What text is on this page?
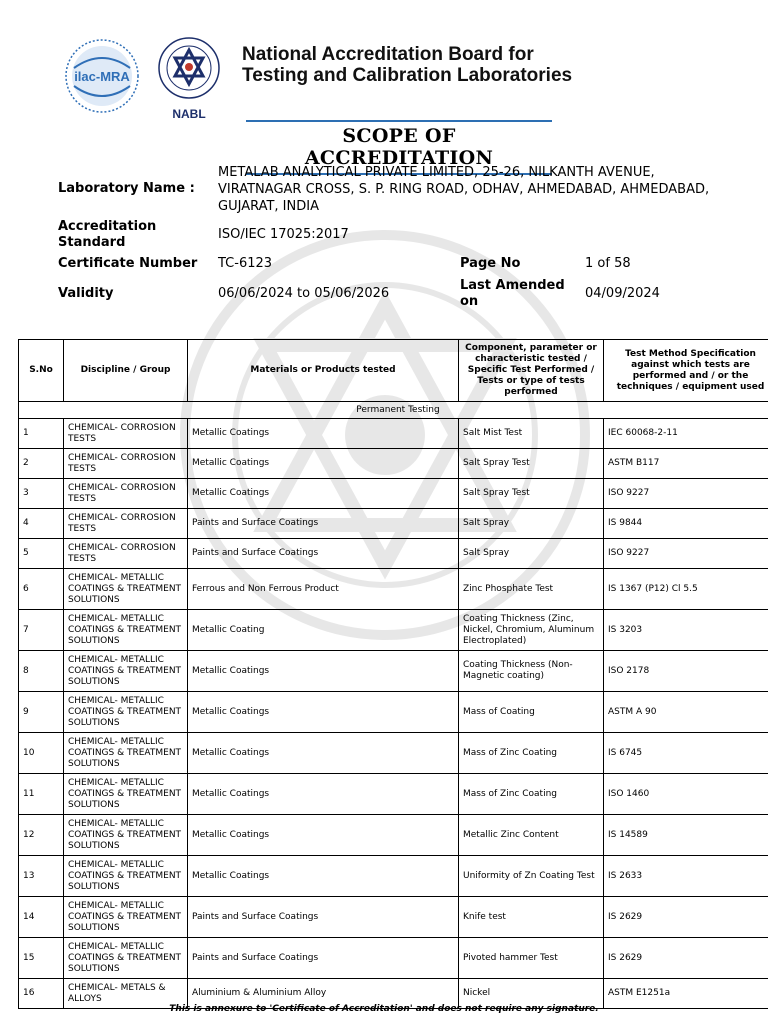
ilac-MRA
NABL
National Accreditation Board for
Testing and Calibration Laboratories
SCOPE OF ACCREDITATION
Laboratory Name :
METALAB ANALYTICAL PRIVATE LIMITED, 25-26, NILKANTH AVENUE,
VIRATNAGAR CROSS, S. P. RING ROAD, ODHAV, AHMEDABAD, AHMEDABAD,
GUJARAT, INDIA
Accreditation
Standard
ISO/IEC 17025:2017
Certificate Number TC-6123	Page No	1 of 58
Validity	06/06/2024 to 05/06/2026
Last Amended
on
04/09/2024
S.No	Discipline / Group	Materials or Products tested	Component, parameter or characteristic tested / Specific Test Performed / Tests or type of tests performed	Test Method Specification against which tests are performed and / or the techniques / equipment used
Permanent Testing				
1	CHEMICAL- CORROSION TESTS	Metallic Coatings	Salt Mist Test	IEC 60068-2-11
2	CHEMICAL- CORROSION TESTS	Metallic Coatings	Salt Spray Test	ASTM B117
3	CHEMICAL- CORROSION TESTS	Metallic Coatings	Salt Spray Test	ISO 9227
4	CHEMICAL- CORROSION TESTS	Paints and Surface Coatings	Salt Spray	IS 9844
5	CHEMICAL- CORROSION TESTS	Paints and Surface Coatings	Salt Spray	ISO 9227
6	CHEMICAL- METALLIC COATINGS & TREATMENT SOLUTIONS	Ferrous and Non Ferrous Product	Zinc Phosphate Test	IS 1367 (P12) Cl 5.5
7	CHEMICAL- METALLIC COATINGS & TREATMENT SOLUTIONS	Metallic Coating	Coating Thickness (Zinc, Nickel, Chromium, Aluminum Electroplated)	IS 3203
8	CHEMICAL- METALLIC COATINGS & TREATMENT SOLUTIONS	Metallic Coatings	Coating Thickness (Non-Magnetic coating)	ISO 2178
9	CHEMICAL- METALLIC COATINGS & TREATMENT SOLUTIONS	Metallic Coatings	Mass of Coating	ASTM A 90
10	CHEMICAL- METALLIC COATINGS & TREATMENT SOLUTIONS	Metallic Coatings	Mass of Zinc Coating	IS 6745
11	CHEMICAL- METALLIC COATINGS & TREATMENT SOLUTIONS	Metallic Coatings	Mass of Zinc Coating	ISO 1460
12	CHEMICAL- METALLIC COATINGS & TREATMENT SOLUTIONS	Metallic Coatings	Metallic Zinc Content	IS 14589
13	CHEMICAL- METALLIC COATINGS & TREATMENT SOLUTIONS	Metallic Coatings	Uniformity of Zn Coating Test	IS 2633
14	CHEMICAL- METALLIC COATINGS & TREATMENT SOLUTIONS	Paints and Surface Coatings	Knife test	IS 2629
15	CHEMICAL- METALLIC COATINGS & TREATMENT SOLUTIONS	Paints and Surface Coatings	Pivoted hammer Test	IS 2629
16	CHEMICAL- METALS & ALLOYS	Aluminium & Aluminium Alloy	Nickel	ASTM E1251a
This is annexure to 'Certificate of Accreditation' and does not require any signature.
